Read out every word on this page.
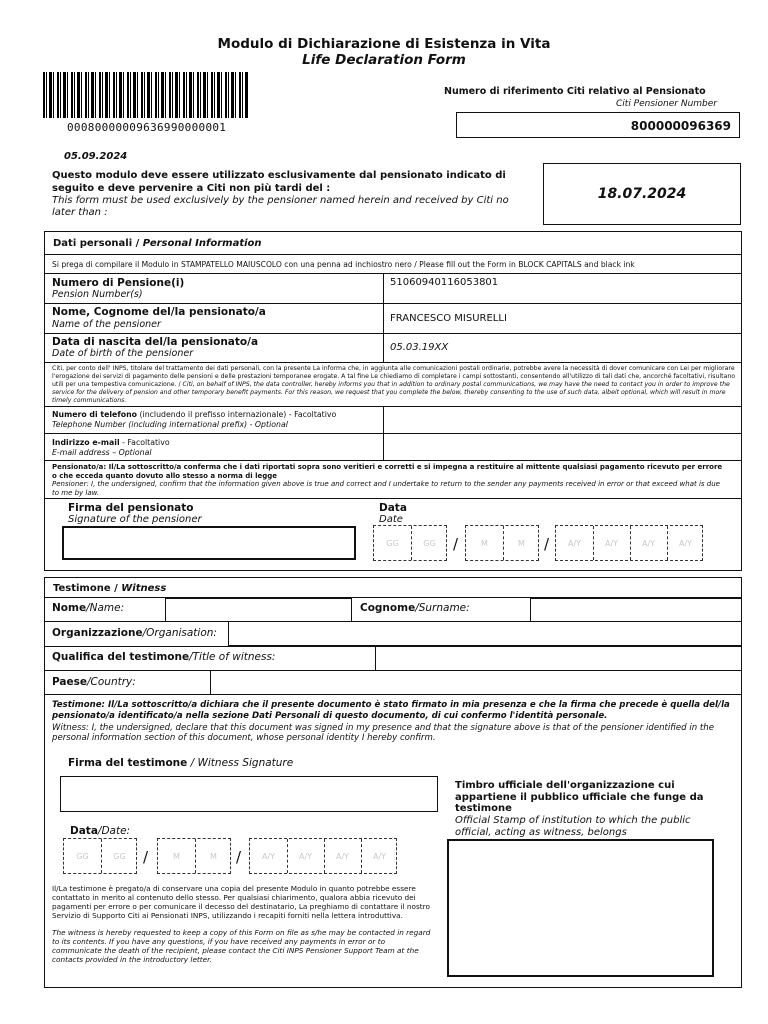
Modulo di Dichiarazione di Esistenza in Vita
Life Declaration Form
00080000009636990000001
Numero di riferimento Citi relativo al Pensionato
Citi Pensioner Number
800000096369
05.09.2024
Questo modulo deve essere utilizzato esclusivamente dal pensionato indicato di seguito e deve pervenire a Citi non più tardi del :
This form must be used exclusively by the pensioner named herein and received by Citi no later than :
18.07.2024
Dati personali / Personal Information
Si prega di compilare il Modulo in STAMPATELLO MAIUSCOLO con una penna ad inchiostro nero / Please fill out the Form in BLOCK CAPITALS and black ink
Numero di Pensione(i)
Pension Number(s)
51060940116053801
Nome, Cognome del/la pensionato/a
Name of the pensioner
FRANCESCO MISURELLI
Data di nascita del/la pensionato/a
Date of birth of the pensioner
05.03.19XX
Citi, per conto dell' INPS, titolare del trattamento dei dati personali, con la presente La informa che, in aggiunta alle comunicazioni postali ordinarie, potrebbe avere la necessità di dover comunicare con Lei per migliorare l'erogazione dei servizi di pagamento delle pensioni e delle prestazioni temporanee erogate. A tal fine Le chiediamo di completare i campi sottostanti, consentendo all'utilizzo di tali dati che, ancorché facoltativi, risultano utili per una tempestiva comunicazione. / Citi, on behalf of INPS, the data controller, hereby informs you that in addition to ordinary postal communications, we may have the need to contact you in order to improve the service for the delivery of pension and other temporary benefit payments. For this reason, we request that you complete the below, thereby consenting to the use of such data, albeit optional, which will result in more timely communications.
Numero di telefono (includendo il prefisso internazionale) - Facoltativo
Telephone Number (including international prefix) - Optional
Indirizzo e-mail - Facoltativo
E-mail address – Optional
Pensionato/a: Il/La sottoscritto/a conferma che i dati riportati sopra sono veritieri e corretti e si impegna a restituire al mittente qualsiasi pagamento ricevuto per errore o che ecceda quanto dovuto allo stesso a norma di legge
Pensioner: I, the undersigned, confirm that the information given above is true and correct and I undertake to return to the sender any payments received in error or that exceed what is due to me by law.
Firma del pensionato
Signature of the pensioner
Data
Date
GG	GG	/	M	M	/	A/Y	A/Y	A/Y	A/Y
Testimone / Witness
Nome/Name:	Cognome/Surname:
Organizzazione/Organisation:
Qualifica del testimone/Title of witness:
Paese/Country:
Testimone: Il/La sottoscritto/a dichiara che il presente documento è stato firmato in mia presenza e che la firma che precede è quella del/la pensionato/a identificato/a nella sezione Dati Personali di questo documento, di cui confermo l'identità personale.
Witness: I, the undersigned, declare that this document was signed in my presence and that the signature above is that of the pensioner identified in the personal information section of this document, whose personal identity I hereby confirm.
Firma del testimone / Witness Signature
Timbro ufficiale dell'organizzazione cui appartiene il pubblico ufficiale che funge da testimone
Official Stamp of institution to which the public official, acting as witness, belongs
Data/Date:
GG	GG	/	M	M	/	A/Y	A/Y	A/Y	A/Y
Il/La testimone è pregato/a di conservare una copia del presente Modulo in quanto potrebbe essere contattato in merito al contenuto dello stesso. Per qualsiasi chiarimento, qualora abbia ricevuto dei pagamenti per errore o per comunicare il decesso del destinatario, La preghiamo di contattare il nostro Servizio di Supporto Citi ai Pensionati INPS, utilizzando i recapiti forniti nella lettera introduttiva.
The witness is hereby requested to keep a copy of this Form on file as s/he may be contacted in regard to its contents. If you have any questions, if you have received any payments in error or to communicate the death of the recipient, please contact the Citi INPS Pensioner Support Team at the contacts provided in the introductory letter.
